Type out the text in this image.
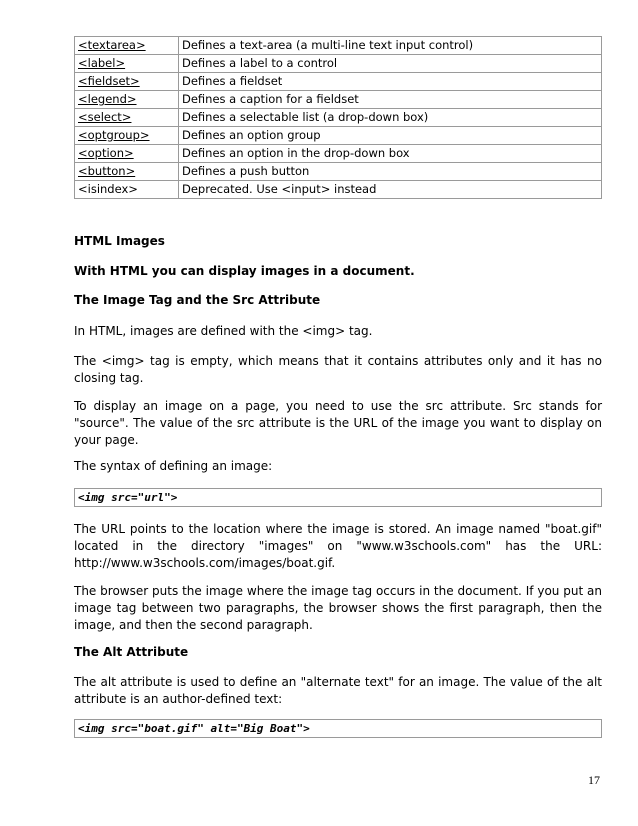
<textarea>	Defines a text-area (a multi-line text input control)
<label>	Defines a label to a control
<fieldset>	Defines a fieldset
<legend>	Defines a caption for a fieldset
<select>	Defines a selectable list (a drop-down box)
<optgroup>	Defines an option group
<option>	Defines an option in the drop-down box
<button>	Defines a push button
<isindex>	Deprecated. Use <input> instead

HTML Images

With HTML you can display images in a document.

The Image Tag and the Src Attribute

In HTML, images are defined with the <img> tag.

The <img> tag is empty, which means that it contains attributes only and it has no closing tag.

To display an image on a page, you need to use the src attribute. Src stands for "source". The value of the src attribute is the URL of the image you want to display on your page.

The syntax of defining an image:

<img src="url">

The URL points to the location where the image is stored. An image named "boat.gif" located in the directory "images" on "www.w3schools.com" has the URL: http://www.w3schools.com/images/boat.gif.

The browser puts the image where the image tag occurs in the document. If you put an image tag between two paragraphs, the browser shows the first paragraph, then the image, and then the second paragraph.

The Alt Attribute

The alt attribute is used to define an "alternate text" for an image. The value of the alt attribute is an author-defined text:

<img src="boat.gif" alt="Big Boat">
17
